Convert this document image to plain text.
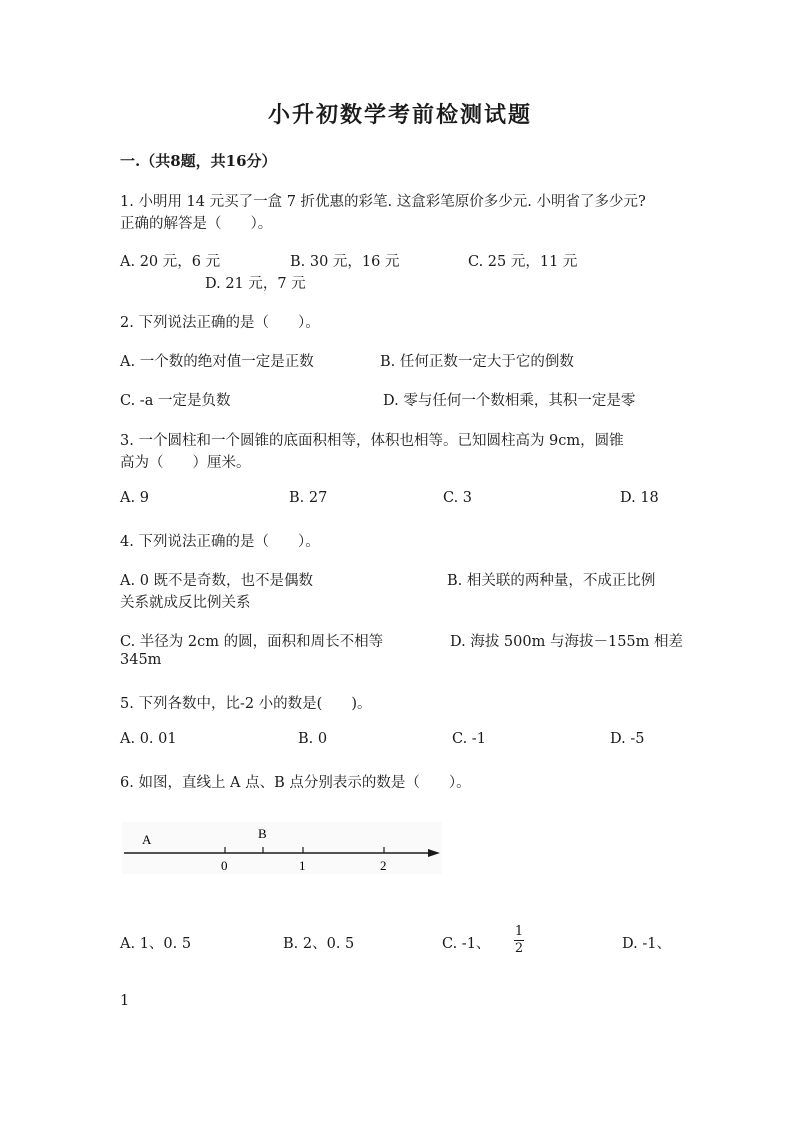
小升初数学考前检测试题
一.（共8题，共16分）
1. 小明用 14 元买了一盒 7 折优惠的彩笔. 这盒彩笔原价多少元. 小明省了多少元?
正确的解答是（　　）。
A. 20 元，6 元	B. 30 元，16 元	C. 25 元，11 元
D. 21 元，7 元
2. 下列说法正确的是（　　）。
A. 一个数的绝对值一定是正数	B. 任何正数一定大于它的倒数
C. -a 一定是负数	D. 零与任何一个数相乘，其积一定是零
3. 一个圆柱和一个圆锥的底面积相等，体积也相等。已知圆柱高为 9cm，圆锥
高为（　　）厘米。
A. 9	B. 27	C. 3	D. 18
4. 下列说法正确的是（　　）。
A. 0 既不是奇数，也不是偶数	B. 相关联的两种量，不成正比例
关系就成反比例关系
C. 半径为 2cm 的圆，面积和周长不相等	D. 海拔 500m 与海拔－155m 相差
345m
5. 下列各数中，比-2 小的数是(　　)。
A. 0. 01	B. 0	C. -1	D. -5
6. 如图，直线上 A 点、B 点分别表示的数是（　　）。
A	B
0	1	2
A. 1、0. 5	B. 2、0. 5	C. -1、
1
2	D. -1、
1
